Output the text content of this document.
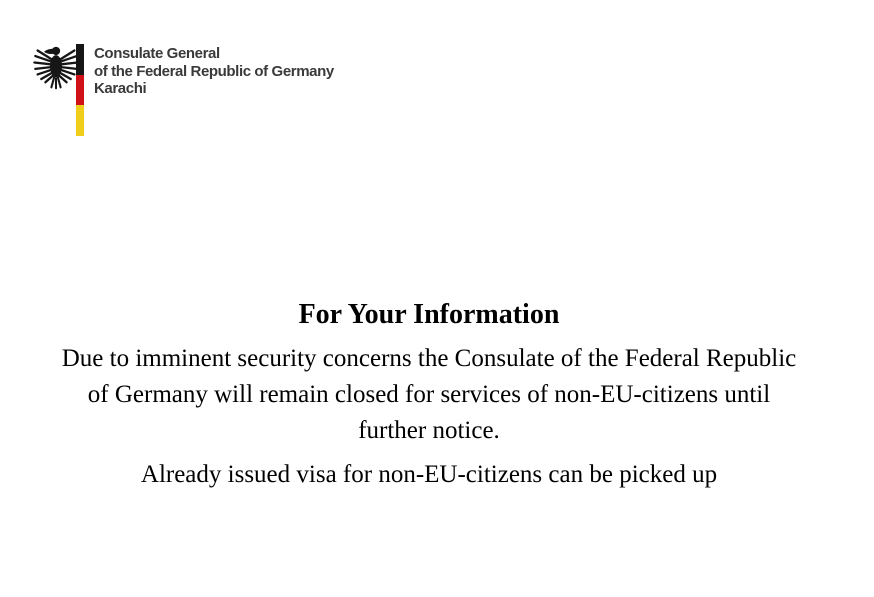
Consulate General
of the Federal Republic of Germany
Karachi
For Your Information

Due to imminent security concerns the Consulate of the Federal Republic
of Germany will remain closed for services of non-EU-citizens until
further notice.

Already issued visa for non-EU-citizens can be picked up
